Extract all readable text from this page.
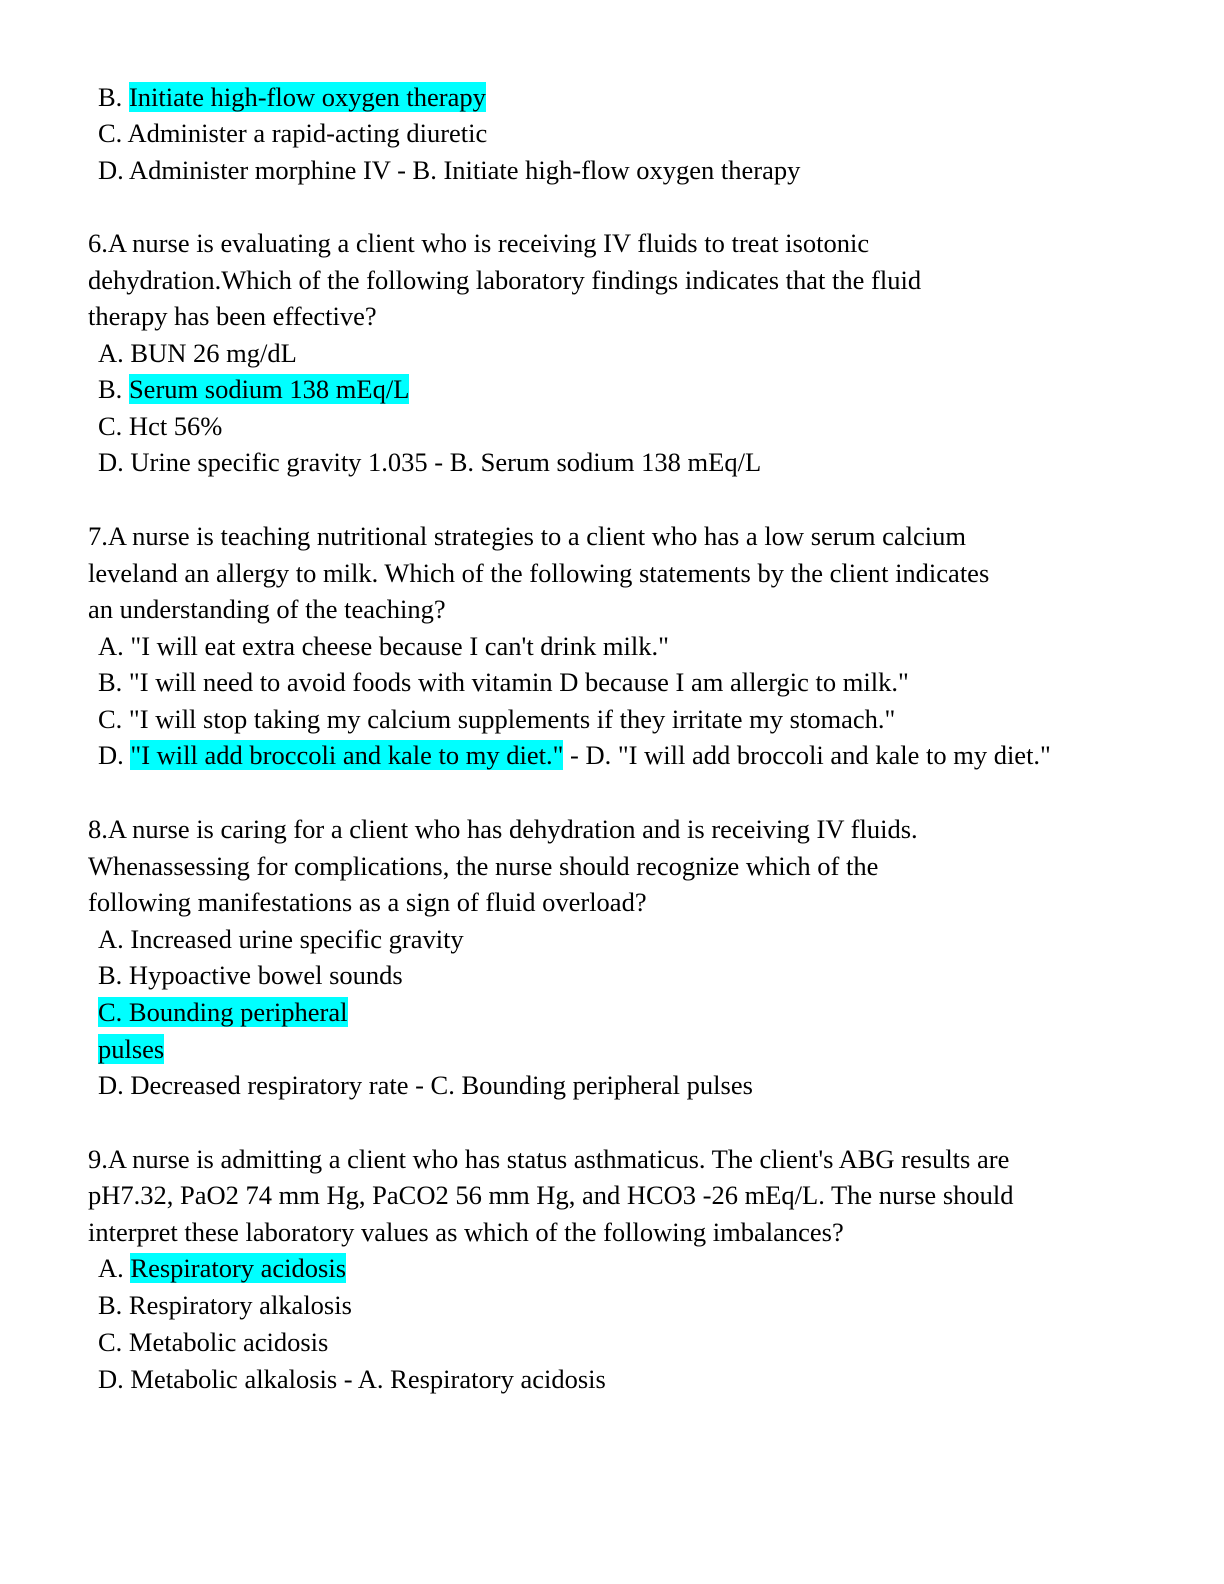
B. Initiate high-flow oxygen therapy
C. Administer a rapid-acting diuretic
D. Administer morphine IV - B. Initiate high-flow oxygen therapy
6.A nurse is evaluating a client who is receiving IV fluids to treat isotonic
dehydration.Which of the following laboratory findings indicates that the fluid
therapy has been effective?
A. BUN 26 mg/dL
B. Serum sodium 138 mEq/L
C. Hct 56%
D. Urine specific gravity 1.035 - B. Serum sodium 138 mEq/L
7.A nurse is teaching nutritional strategies to a client who has a low serum calcium
leveland an allergy to milk. Which of the following statements by the client indicates
an understanding of the teaching?
A. "I will eat extra cheese because I can't drink milk."
B. "I will need to avoid foods with vitamin D because I am allergic to milk."
C. "I will stop taking my calcium supplements if they irritate my stomach."
D. "I will add broccoli and kale to my diet." - D. "I will add broccoli and kale to my diet."
8.A nurse is caring for a client who has dehydration and is receiving IV fluids.
Whenassessing for complications, the nurse should recognize which of the
following manifestations as a sign of fluid overload?
A. Increased urine specific gravity
B. Hypoactive bowel sounds
C. Bounding peripheral
pulses
D. Decreased respiratory rate - C. Bounding peripheral pulses
9.A nurse is admitting a client who has status asthmaticus. The client's ABG results are
pH7.32, PaO2 74 mm Hg, PaCO2 56 mm Hg, and HCO3 -26 mEq/L. The nurse should
interpret these laboratory values as which of the following imbalances?
A. Respiratory acidosis
B. Respiratory alkalosis
C. Metabolic acidosis
D. Metabolic alkalosis - A. Respiratory acidosis
